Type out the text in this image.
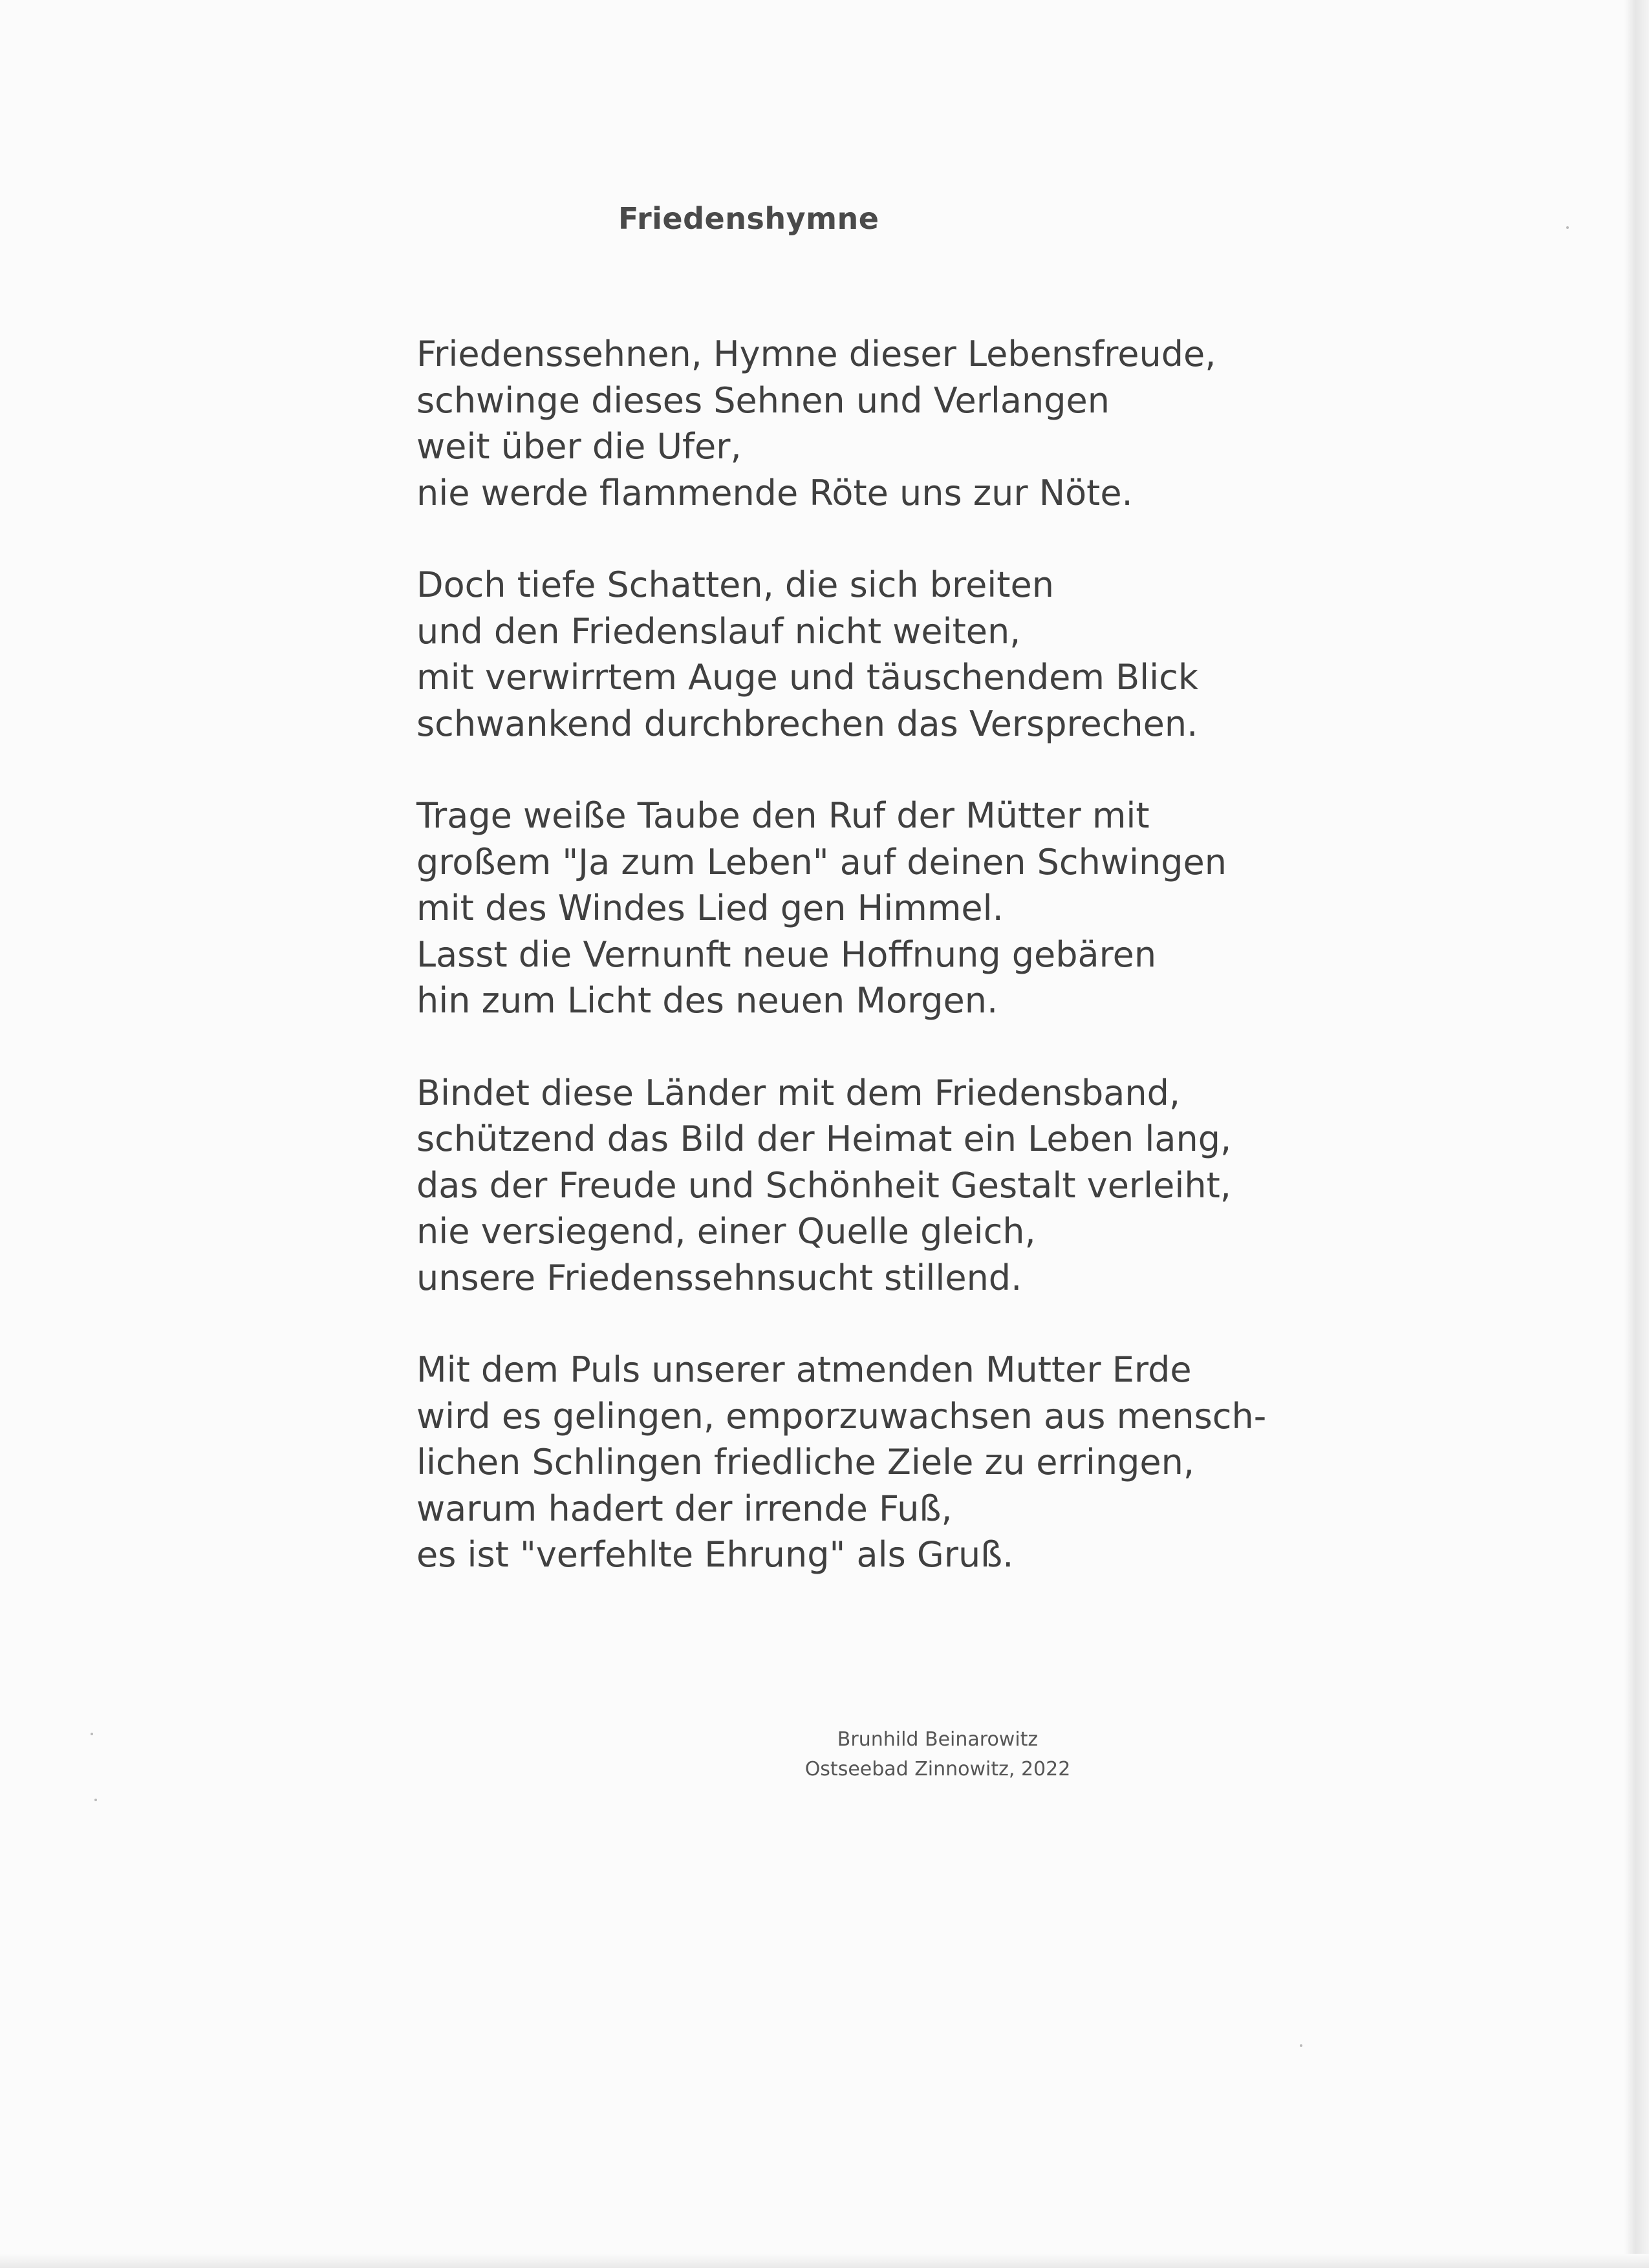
Friedenshymne
Friedenssehnen, Hymne dieser Lebensfreude,
schwinge dieses Sehnen und Verlangen
weit über die Ufer,
nie werde flammende Röte uns zur Nöte.
Doch tiefe Schatten, die sich breiten
und den Friedenslauf nicht weiten,
mit verwirrtem Auge und täuschendem Blick
schwankend durchbrechen das Versprechen.
Trage weiße Taube den Ruf der Mütter mit
großem "Ja zum Leben" auf deinen Schwingen
mit des Windes Lied gen Himmel.
Lasst die Vernunft neue Hoffnung gebären
hin zum Licht des neuen Morgen.
Bindet diese Länder mit dem Friedensband,
schützend das Bild der Heimat ein Leben lang,
das der Freude und Schönheit Gestalt verleiht,
nie versiegend, einer Quelle gleich,
unsere Friedenssehnsucht stillend.
Mit dem Puls unserer atmenden Mutter Erde
wird es gelingen, emporzuwachsen aus mensch-
lichen Schlingen friedliche Ziele zu erringen,
warum hadert der irrende Fuß,
es ist "verfehlte Ehrung" als Gruß.
Brunhild Beinarowitz
Ostseebad Zinnowitz, 2022
